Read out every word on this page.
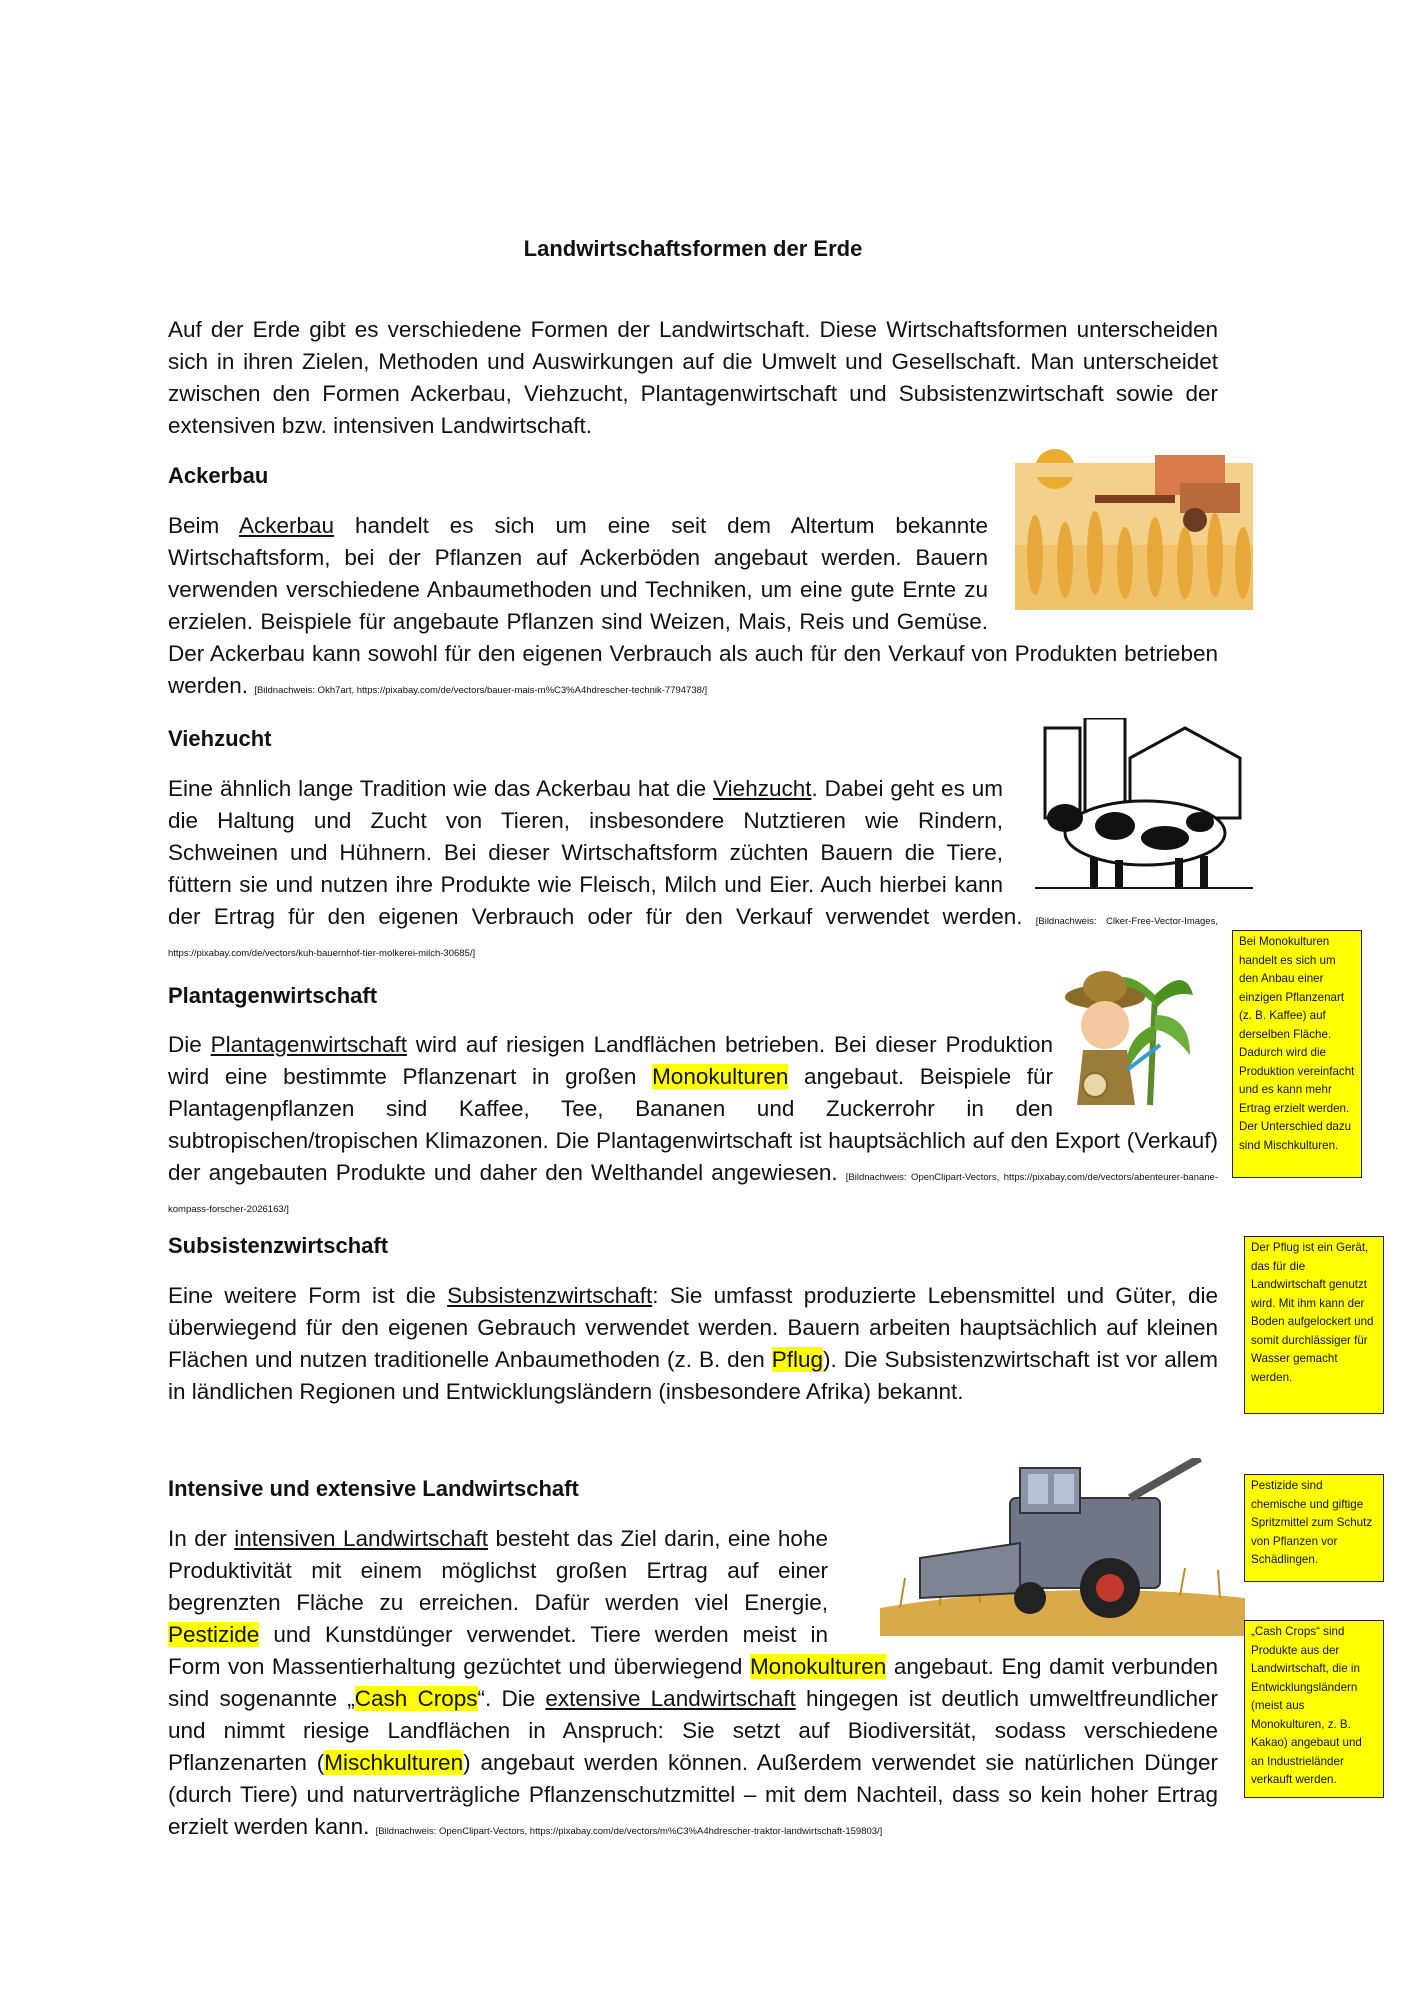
Landwirtschaftsformen der Erde

Auf der Erde gibt es verschiedene Formen der Landwirtschaft. Diese Wirtschaftsformen unterscheiden sich in ihren Zielen, Methoden und Auswirkungen auf die Umwelt und Gesellschaft. Man unterscheidet zwischen den Formen Ackerbau, Viehzucht, Plantagenwirtschaft und Subsistenzwirtschaft sowie der extensiven bzw. intensiven Landwirtschaft.

Ackerbau
Beim Ackerbau handelt es sich um eine seit dem Altertum bekannte Wirtschaftsform, bei der Pflanzen auf Ackerböden angebaut werden. Bauern verwenden verschiedene Anbaumethoden und Techniken, um eine gute Ernte zu erzielen. Beispiele für angebaute Pflanzen sind Weizen, Mais, Reis und Gemüse. Der Ackerbau kann sowohl für den eigenen Verbrauch als auch für den Verkauf von Produkten betrieben werden. [Bildnachweis: Okh7art, https://pixabay.com/de/vectors/bauer-mais-m%C3%A4hdrescher-technik-7794738/]
Viehzucht
Eine ähnlich lange Tradition wie das Ackerbau hat die Viehzucht. Dabei geht es um die Haltung und Zucht von Tieren, insbesondere Nutztieren wie Rindern, Schweinen und Hühnern. Bei dieser Wirtschaftsform züchten Bauern die Tiere, füttern sie und nutzen ihre Produkte wie Fleisch, Milch und Eier. Auch hierbei kann der Ertrag für den eigenen Verbrauch oder für den Verkauf verwendet werden. [Bildnachweis: Clker-Free-Vector-Images, https://pixabay.com/de/vectors/kuh-bauernhof-tier-molkerei-milch-30685/]
Plantagenwirtschaft
Die Plantagenwirtschaft wird auf riesigen Landflächen betrieben. Bei dieser Produktion wird eine bestimmte Pflanzenart in großen Monokulturen angebaut. Beispiele für Plantagenpflanzen sind Kaffee, Tee, Bananen und Zuckerrohr in den subtropischen/tropischen Klimazonen. Die Plantagenwirtschaft ist hauptsächlich auf den Export (Verkauf) der angebauten Produkte und daher den Welthandel angewiesen. [Bildnachweis: OpenClipart-Vectors, https://pixabay.com/de/vectors/abenteurer-banane-kompass-forscher-2026163/]
Bei Monokulturen handelt es sich um den Anbau einer einzigen Pflanzenart (z. B. Kaffee) auf derselben Fläche. Dadurch wird die Produktion vereinfacht und es kann mehr Ertrag erzielt werden. Der Unterschied dazu sind Mischkulturen.
Subsistenzwirtschaft
Eine weitere Form ist die Subsistenzwirtschaft: Sie umfasst produzierte Lebensmittel und Güter, die überwiegend für den eigenen Gebrauch verwendet werden. Bauern arbeiten hauptsächlich auf kleinen Flächen und nutzen traditionelle Anbaumethoden (z. B. den Pflug). Die Subsistenzwirtschaft ist vor allem in ländlichen Regionen und Entwicklungsländern (insbesondere Afrika) bekannt.
Der Pflug ist ein Gerät, das für die Landwirtschaft genutzt wird. Mit ihm kann der Boden aufgelockert und somit durchlässiger für Wasser gemacht werden.
Intensive und extensive Landwirtschaft
In der intensiven Landwirtschaft besteht das Ziel darin, eine hohe Produktivität mit einem möglichst großen Ertrag auf einer begrenzten Fläche zu erreichen. Dafür werden viel Energie, Pestizide und Kunstdünger verwendet. Tiere werden meist in Form von Massentierhaltung gezüchtet und überwiegend Monokulturen angebaut. Eng damit verbunden sind sogenannte „Cash Crops“. Die extensive Landwirtschaft hingegen ist deutlich umweltfreundlicher und nimmt riesige Landflächen in Anspruch: Sie setzt auf Biodiversität, sodass verschiedene Pflanzenarten (Mischkulturen) angebaut werden können. Außerdem verwendet sie natürlichen Dünger (durch Tiere) und naturverträgliche Pflanzenschutzmittel – mit dem Nachteil, dass so kein hoher Ertrag erzielt werden kann. [Bildnachweis: OpenClipart-Vectors, https://pixabay.com/de/vectors/m%C3%A4hdrescher-traktor-landwirtschaft-159803/]
Pestizide sind chemische und giftige Spritzmittel zum Schutz von Pflanzen vor Schädlingen.
„Cash Crops“ sind Produkte aus der Landwirtschaft, die in Entwicklungsländern (meist aus Monokulturen, z. B. Kakao) angebaut und an Industrieländer verkauft werden.
